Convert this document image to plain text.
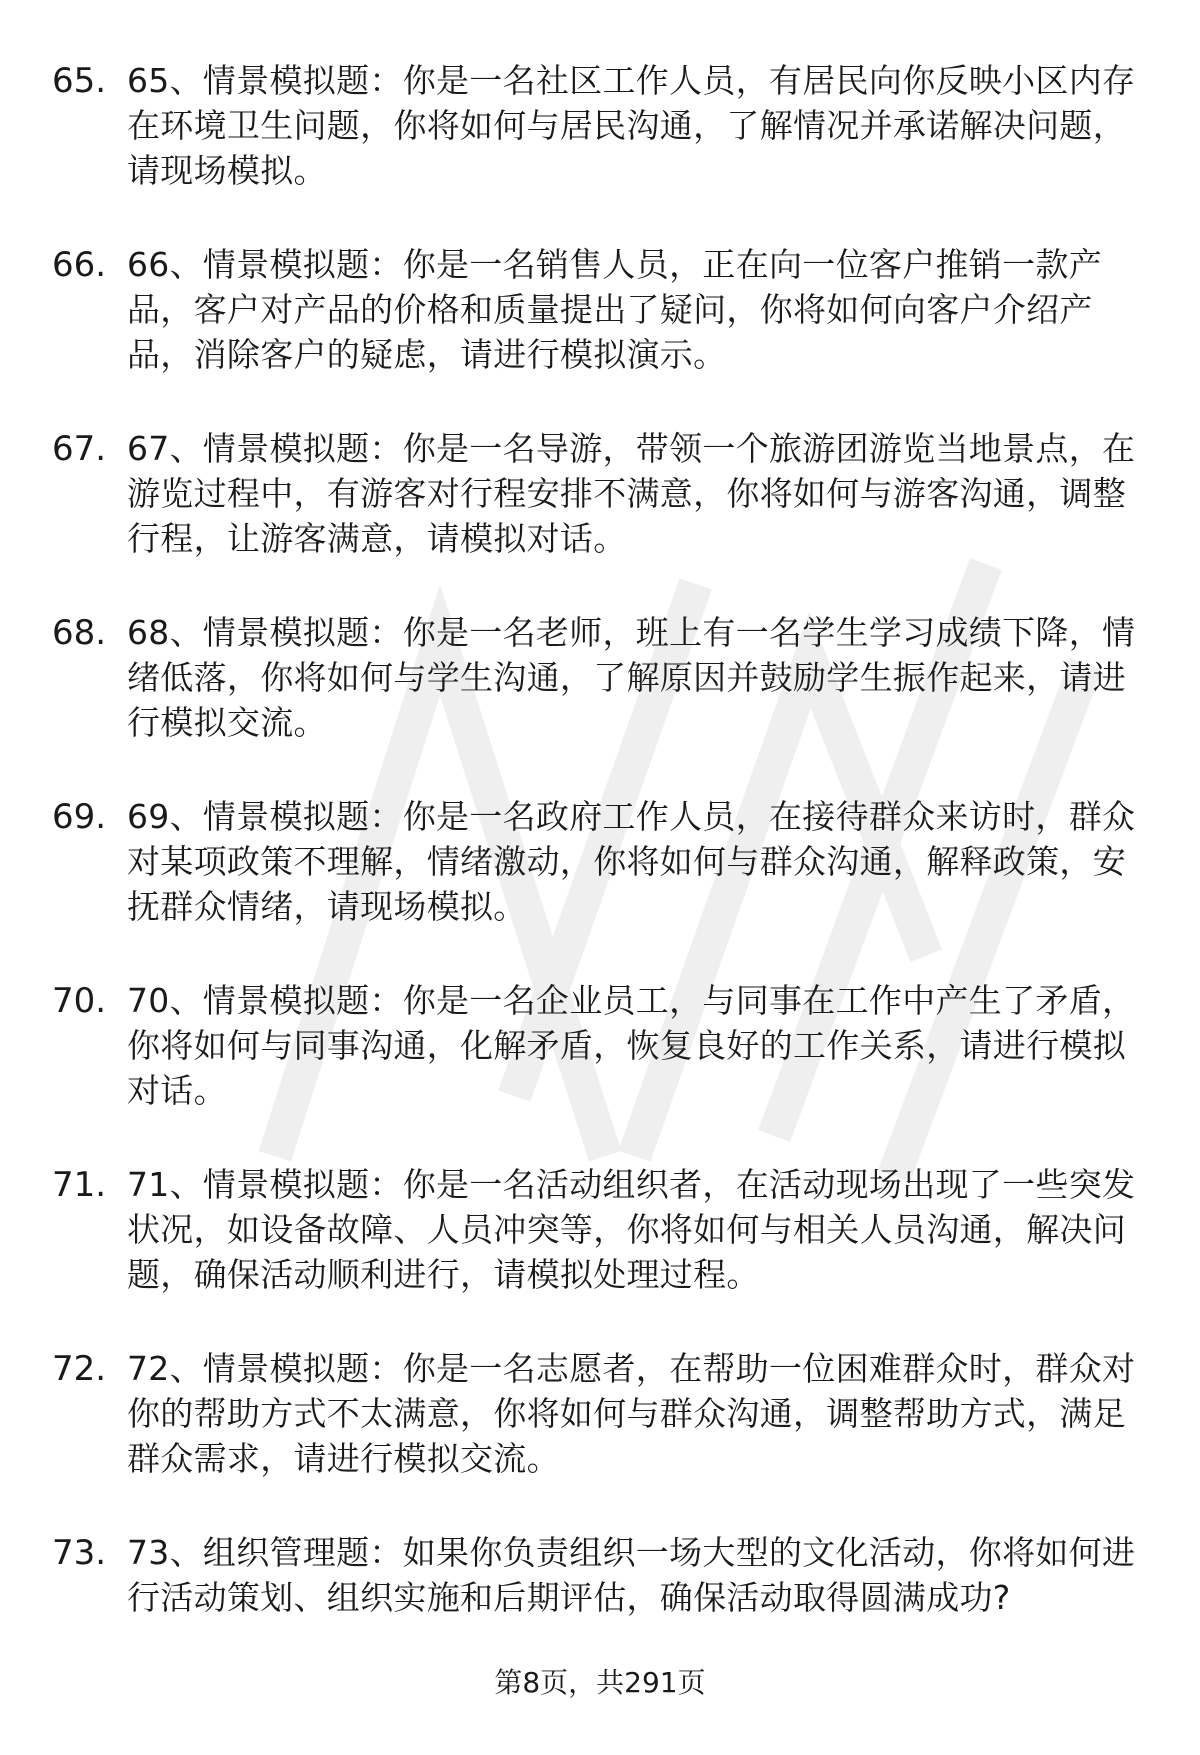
65. 65、情景模拟题：你是一名社区工作人员，有居民向你反映小区内存在环境卫生问题，你将如何与居民沟通，了解情况并承诺解决问题，请现场模拟。
66. 66、情景模拟题：你是一名销售人员，正在向一位客户推销一款产品，客户对产品的价格和质量提出了疑问，你将如何向客户介绍产品，消除客户的疑虑，请进行模拟演示。
67. 67、情景模拟题：你是一名导游，带领一个旅游团游览当地景点，在游览过程中，有游客对行程安排不满意，你将如何与游客沟通，调整行程，让游客满意，请模拟对话。
68. 68、情景模拟题：你是一名老师，班上有一名学生学习成绩下降，情绪低落，你将如何与学生沟通，了解原因并鼓励学生振作起来，请进行模拟交流。
69. 69、情景模拟题：你是一名政府工作人员，在接待群众来访时，群众对某项政策不理解，情绪激动，你将如何与群众沟通，解释政策，安抚群众情绪，请现场模拟。
70. 70、情景模拟题：你是一名企业员工，与同事在工作中产生了矛盾，你将如何与同事沟通，化解矛盾，恢复良好的工作关系，请进行模拟对话。
71. 71、情景模拟题：你是一名活动组织者，在活动现场出现了一些突发状况，如设备故障、人员冲突等，你将如何与相关人员沟通，解决问题，确保活动顺利进行，请模拟处理过程。
72. 72、情景模拟题：你是一名志愿者，在帮助一位困难群众时，群众对你的帮助方式不太满意，你将如何与群众沟通，调整帮助方式，满足群众需求，请进行模拟交流。
73. 73、组织管理题：如果你负责组织一场大型的文化活动，你将如何进行活动策划、组织实施和后期评估，确保活动取得圆满成功?
第8页，共291页
